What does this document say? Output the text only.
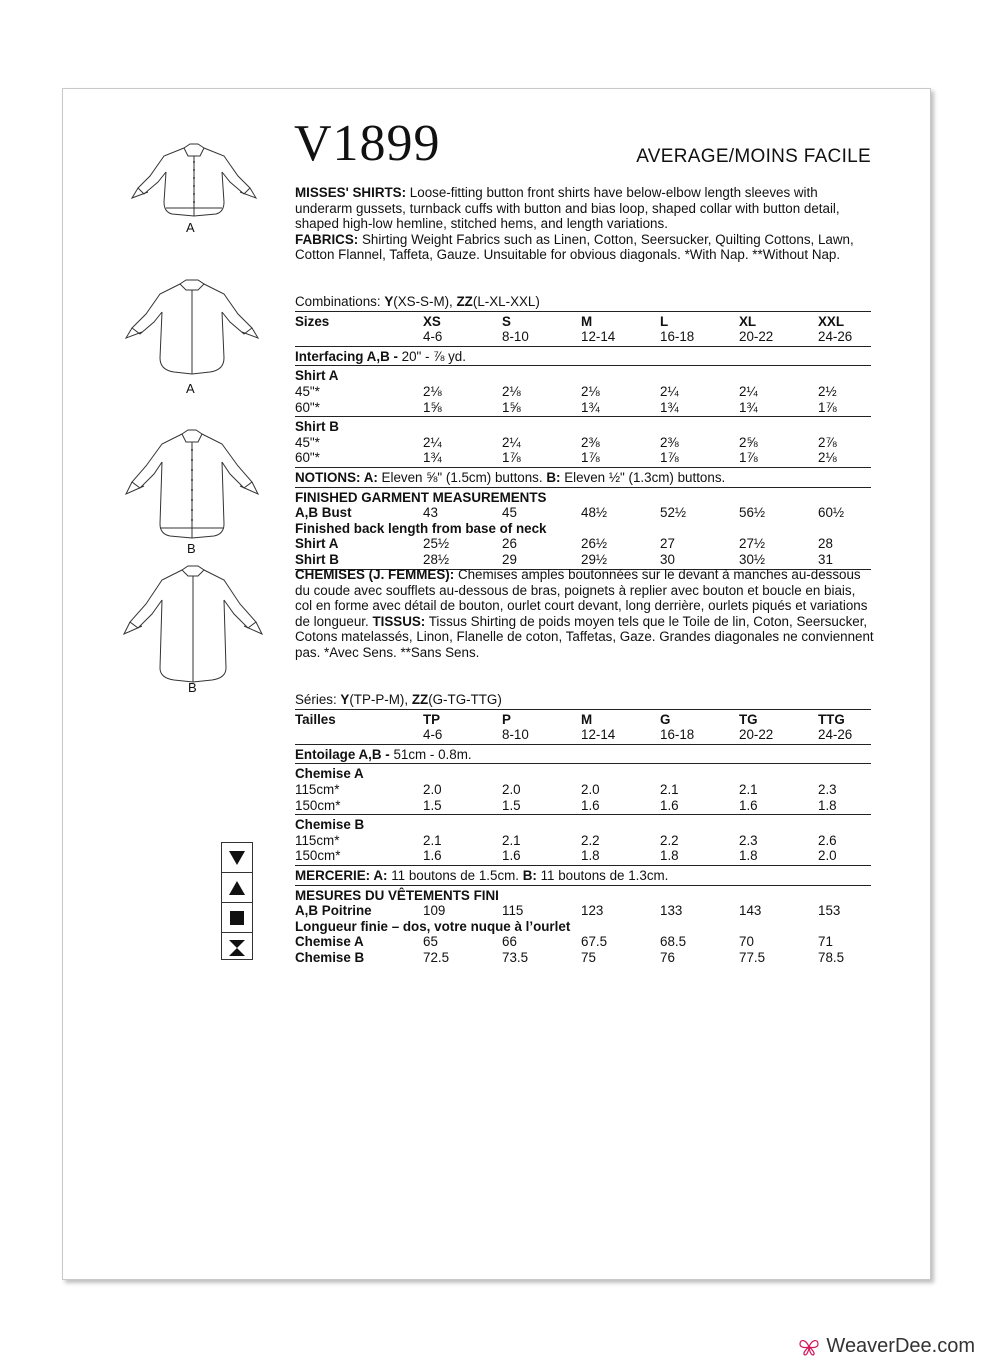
V1899	AVERAGE/MOINS FACILE
MISSES' SHIRTS: Loose-fitting button front shirts have below-elbow length sleeves with underarm gussets, turnback cuffs with button and bias loop, shaped collar with button detail, shaped high-low hemline, stitched hems, and length variations.
FABRICS: Shirting Weight Fabrics such as Linen, Cotton, Seersucker, Quilting Cottons, Lawn, Cotton Flannel, Taffeta, Gauze. Unsuitable for obvious diagonals. *With Nap. **Without Nap.
A
A
B
B
Combinations: Y(XS-S-M), ZZ(L-XL-XXL)
Sizes	XS	S	M	L	XL	XXL
4-6	8-10	12-14	16-18	20-22	24-26
Interfacing A,B - 20" - ⅞ yd.
Shirt A
45"*	2⅛	2⅛	2⅛	2¼	2¼	2½
60"*	1⅝	1⅝	1¾	1¾	1¾	1⅞
Shirt B
45"*	2¼	2¼	2⅜	2⅜	2⅝	2⅞
60"*	1¾	1⅞	1⅞	1⅞	1⅞	2⅛
NOTIONS: A: Eleven ⅝" (1.5cm) buttons. B: Eleven ½" (1.3cm) buttons.
FINISHED GARMENT MEASUREMENTS
A,B Bust	43	45	48½	52½	56½	60½
Finished back length from base of neck
Shirt A	25½	26	26½	27	27½	28
Shirt B	28½	29	29½	30	30½	31
CHEMISES (J. FEMMES): Chemises amples boutonnées sur le devant à manches au-dessous du coude avec soufflets au-dessous de bras, poignets à replier avec bouton et boucle en biais, col en forme avec détail de bouton, ourlet court devant, long derrière, ourlets piqués et variations de longueur. TISSUS: Tissus Shirting de poids moyen tels que le Toile de lin, Coton, Seersucker, Cotons matelassés, Linon, Flanelle de coton, Taffetas, Gaze. Grandes diagonales ne conviennent pas. *Avec Sens. **Sans Sens.
Séries: Y(TP-P-M), ZZ(G-TG-TTG)
Tailles	TP	P	M	G	TG	TTG
4-6	8-10	12-14	16-18	20-22	24-26
Entoilage A,B - 51cm - 0.8m.
Chemise A
115cm*	2.0	2.0	2.0	2.1	2.1	2.3
150cm*	1.5	1.5	1.6	1.6	1.6	1.8
Chemise B
115cm*	2.1	2.1	2.2	2.2	2.3	2.6
150cm*	1.6	1.6	1.8	1.8	1.8	2.0
MERCERIE: A: 11 boutons de 1.5cm. B: 11 boutons de 1.3cm.
MESURES DU VÊTEMENTS FINI
A,B Poitrine	109	115	123	133	143	153
Longueur finie – dos, votre nuque à l’ourlet
Chemise A	65	66	67.5	68.5	70	71
Chemise B	72.5	73.5	75	76	77.5	78.5
WeaverDee.com
